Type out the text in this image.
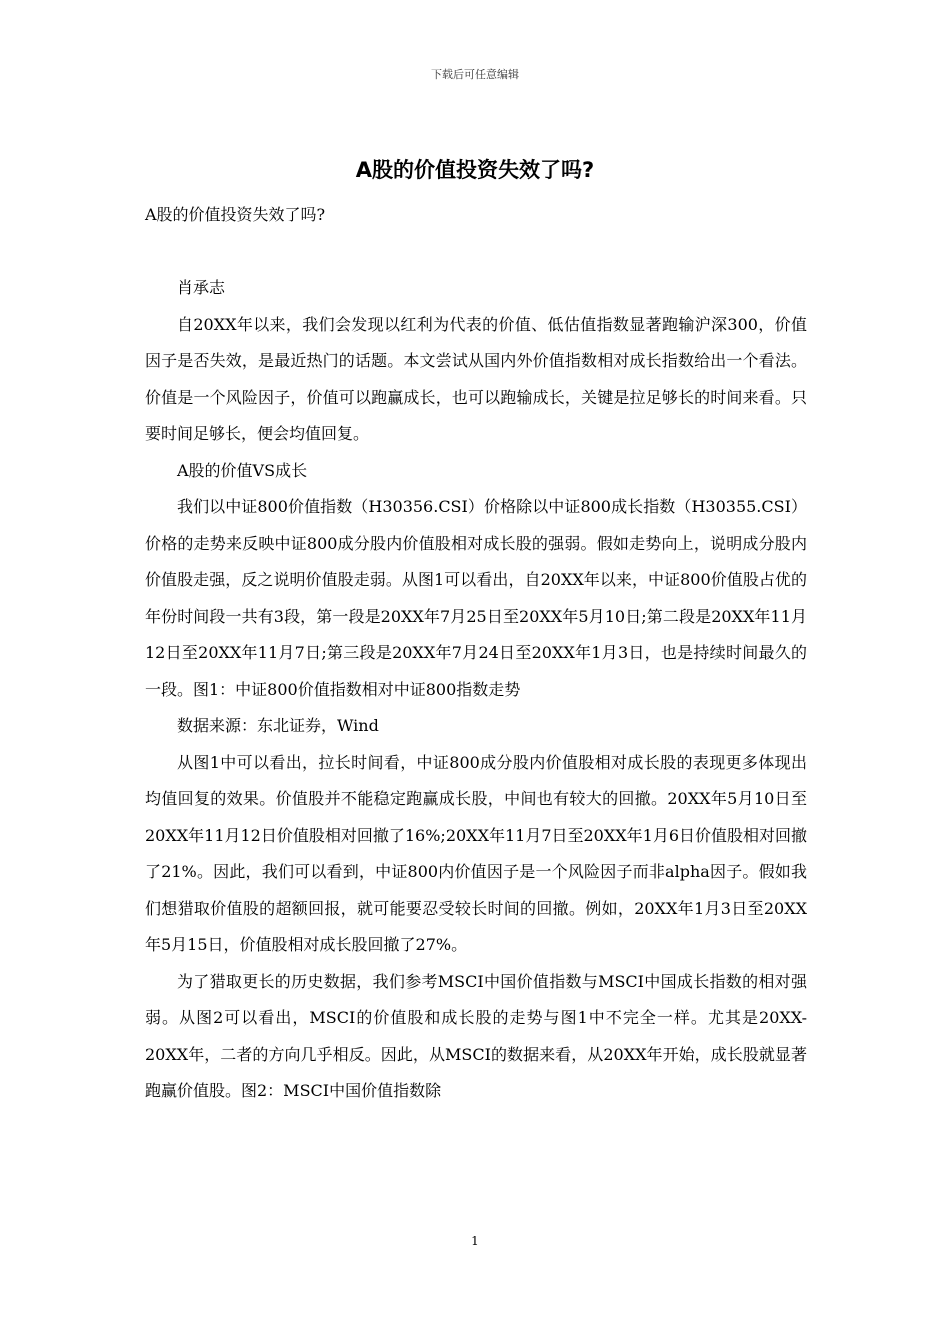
下载后可任意编辑
A股的价值投资失效了吗?

A股的价值投资失效了吗?

肖承志

自20XX年以来，我们会发现以红利为代表的价值、低估值指数显著跑输沪深300，价值因子是否失效，是最近热门的话题。本文尝试从国内外价值指数相对成长指数给出一个看法。价值是一个风险因子，价值可以跑赢成长，也可以跑输成长，关键是拉足够长的时间来看。只要时间足够长，便会均值回复。

A股的价值VS成长

我们以中证800价值指数（H30356.CSI）价格除以中证800成长指数（H30355.CSI）价格的走势来反映中证800成分股内价值股相对成长股的强弱。假如走势向上，说明成分股内价值股走强，反之说明价值股走弱。从图1可以看出，自20XX年以来，中证800价值股占优的年份时间段一共有3段，第一段是20XX年7月25日至20XX年5月10日;第二段是20XX年11月12日至20XX年11月7日;第三段是20XX年7月24日至20XX年1月3日，也是持续时间最久的一段。图1：中证800价值指数相对中证800指数走势

数据来源：东北证券，Wind

从图1中可以看出，拉长时间看，中证800成分股内价值股相对成长股的表现更多体现出均值回复的效果。价值股并不能稳定跑赢成长股，中间也有较大的回撤。20XX年5月10日至20XX年11月12日价值股相对回撤了16%;20XX年11月7日至20XX年1月6日价值股相对回撤了21%。因此，我们可以看到，中证800内价值因子是一个风险因子而非alpha因子。假如我们想猎取价值股的超额回报，就可能要忍受较长时间的回撤。例如，20XX年1月3日至20XX年5月15日，价值股相对成长股回撤了27%。

为了猎取更长的历史数据，我们参考MSCI中国价值指数与MSCI中国成长指数的相对强弱。从图2可以看出，MSCI的价值股和成长股的走势与图1中不完全一样。尤其是20XX-20XX年，二者的方向几乎相反。因此，从MSCI的数据来看，从20XX年开始，成长股就显著跑赢价值股。图2：MSCI中国价值指数除

1
